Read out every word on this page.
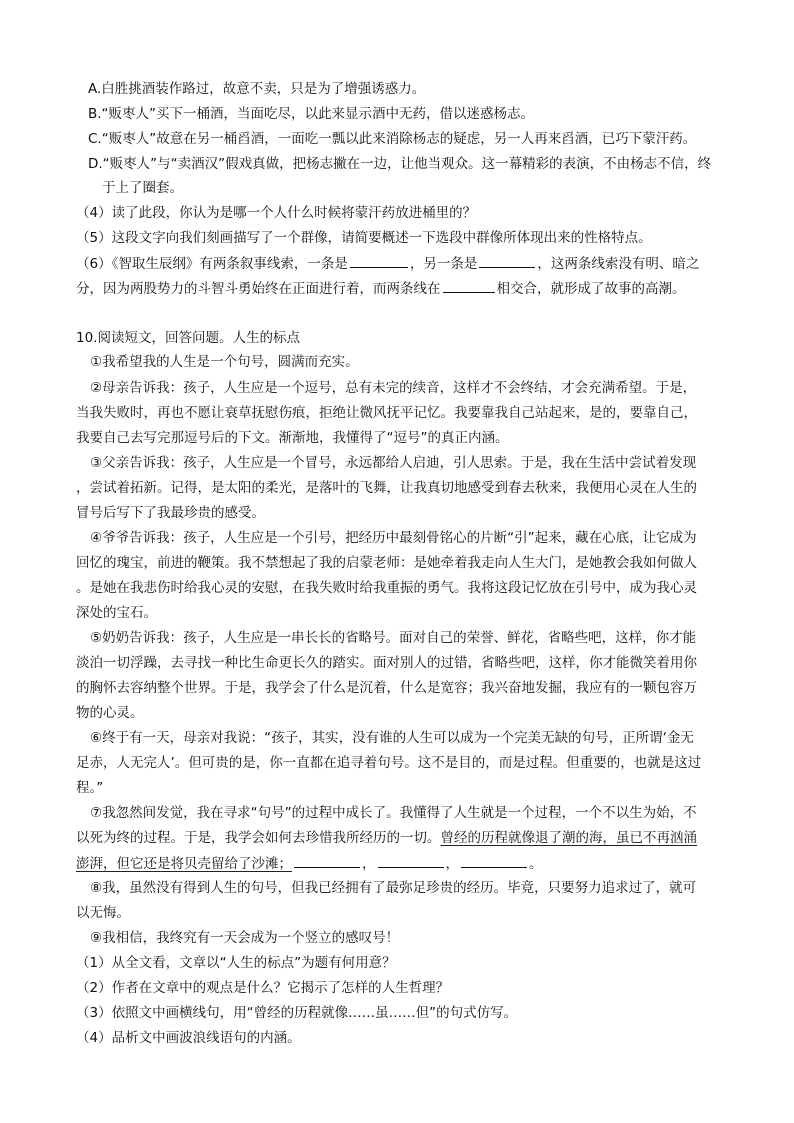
A.白胜挑酒装作路过，故意不卖，只是为了增强诱惑力。
B.“贩枣人”买下一桶酒，当面吃尽，以此来显示酒中无药，借以迷惑杨志。
C.“贩枣人”故意在另一桶舀酒，一面吃一瓢以此来消除杨志的疑虑，另一人再来舀酒，已巧下蒙汗药。
D.“贩枣人”与“卖酒汉”假戏真做，把杨志撇在一边，让他当观众。这一幕精彩的表演，不由杨志不信，终
于上了圈套。
（4）读了此段，你认为是哪一个人什么时候将蒙汗药放进桶里的？
（5）这段文字向我们刻画描写了一个群像，请简要概述一下选段中群像所体现出来的性格特点。
（6）《智取生辰纲》有两条叙事线索，一条是	，另一条是	，这两条线索没有明、暗之
分，因为两股势力的斗智斗勇始终在正面进行着，而两条线在	相交合，就形成了故事的高潮。
10.阅读短文，回答问题。人生的标点
①我希望我的人生是一个句号，圆满而充实。
②母亲告诉我：孩子，人生应是一个逗号，总有未完的续音，这样才不会终结，才会充满希望。于是，
当我失败时，再也不愿让衰草抚慰伤痕，拒绝让微风抚平记忆。我要靠我自己站起来，是的，要靠自己，
我要自己去写完那逗号后的下文。渐渐地，我懂得了“逗号”的真正内涵。
③父亲告诉我：孩子，人生应是一个冒号，永远都给人启迪，引人思索。于是，我在生活中尝试着发现
，尝试着拓新。记得，是太阳的柔光，是落叶的飞舞，让我真切地感受到春去秋来，我便用心灵在人生的
冒号后写下了我最珍贵的感受。
④爷爷告诉我：孩子，人生应是一个引号，把经历中最刻骨铭心的片断“引”起来，藏在心底，让它成为
回忆的瑰宝，前进的鞭策。我不禁想起了我的启蒙老师：是她牵着我走向人生大门，是她教会我如何做人
。是她在我悲伤时给我心灵的安慰，在我失败时给我重振的勇气。我将这段记忆放在引号中，成为我心灵
深处的宝石。
⑤奶奶告诉我：孩子，人生应是一串长长的省略号。面对自己的荣誉、鲜花，省略些吧，这样，你才能
淡泊一切浮躁，去寻找一种比生命更长久的踏实。面对别人的过错，省略些吧，这样，你才能微笑着用你
的胸怀去容纳整个世界。于是，我学会了什么是沉着，什么是宽容；我兴奋地发掘，我应有的一颗包容万
物的心灵。
⑥终于有一天，母亲对我说：“孩子，其实，没有谁的人生可以成为一个完美无缺的句号，正所谓‘金无
足赤，人无完人’。但可贵的是，你一直都在追寻着句号。这不是目的，而是过程。但重要的，也就是这过
程。”
⑦我忽然间发觉，我在寻求“句号”的过程中成长了。我懂得了人生就是一个过程，一个不以生为始，不
以死为终的过程。于是，我学会如何去珍惜我所经历的一切。曾经的历程就像退了潮的海，虽已不再汹涌
澎湃，但它还是将贝壳留给了沙滩；	，	，	。
⑧我，虽然没有得到人生的句号，但我已经拥有了最弥足珍贵的经历。毕竟，只要努力追求过了，就可
以无悔。
⑨我相信，我终究有一天会成为一个竖立的感叹号！
（1）从全文看，文章以“人生的标点”为题有何用意？
（2）作者在文章中的观点是什么？它揭示了怎样的人生哲理？
（3）依照文中画横线句，用“曾经的历程就像……虽……但”的句式仿写。
（4）品析文中画波浪线语句的内涵。
